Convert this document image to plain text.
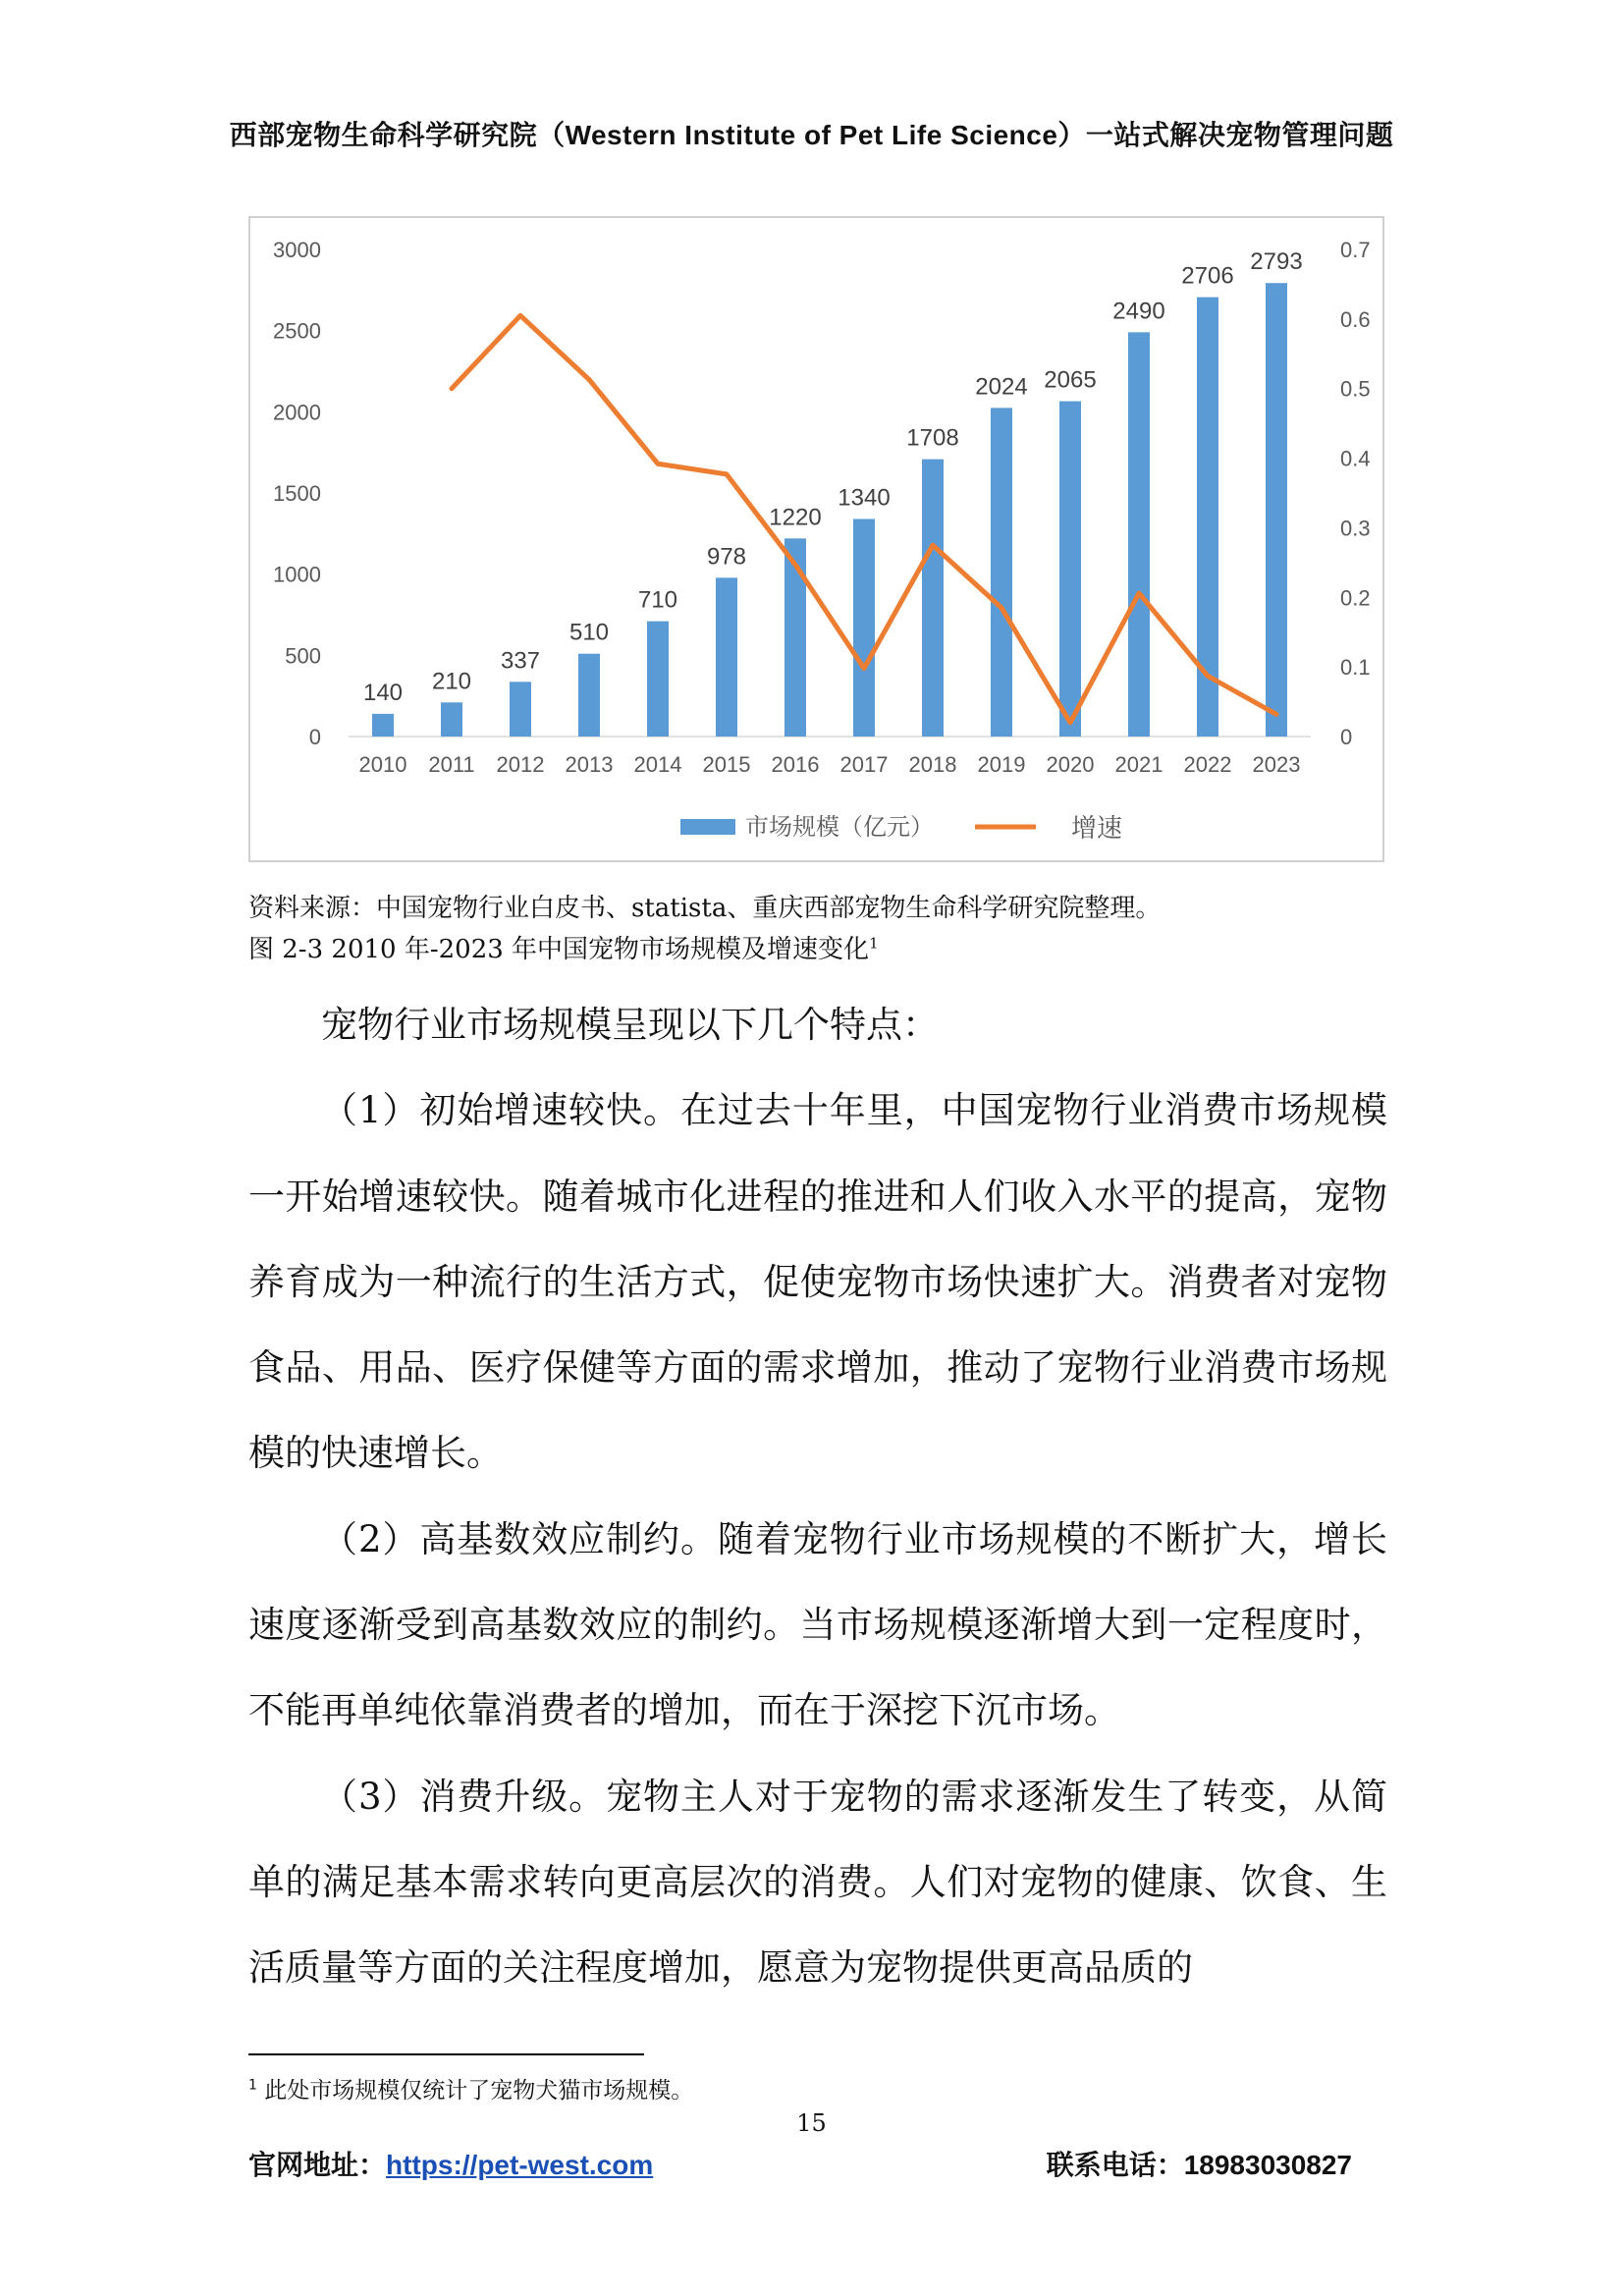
西部宠物生命科学研究院（Western Institute of Pet Life Science）一站式解决宠物管理问题
0
500
1000
1500
2000
2500
3000
0
0.1
0.2
0.3
0.4
0.5
0.6
0.7
140
2010
210
2011
337
2012
510
2013
710
2014
978
2015
1220
2016
1340
2017
1708
2018
2024
2019
2065
2020
2490
2021
2706
2022
2793
2023
市场规模（亿元）	增速
资料来源：中国宠物行业白皮书、statista、重庆西部宠物生命科学研究院整理。
图 2-3 2010 年-2023 年中国宠物市场规模及增速变化$^1$

宠物行业市场规模呈现以下几个特点：

（1）初始增速较快。在过去十年里，中国宠物行业消费市场规模一开始增速较快。随着城市化进程的推进和人们收入水平的提高，宠物养育成为一种流行的生活方式，促使宠物市场快速扩大。消费者对宠物食品、用品、医疗保健等方面的需求增加，推动了宠物行业消费市场规模的快速增长。

（2）高基数效应制约。随着宠物行业市场规模的不断扩大，增长速度逐渐受到高基数效应的制约。当市场规模逐渐增大到一定程度时，不能再单纯依靠消费者的增加，而在于深挖下沉市场。

（3）消费升级。宠物主人对于宠物的需求逐渐发生了转变，从简单的满足基本需求转向更高层次的消费。人们对宠物的健康、饮食、生活质量等方面的关注程度增加，愿意为宠物提供更高品质的

$^1$ 此处市场规模仅统计了宠物犬猫市场规模。
15
官网地址：https://pet-west.com	联系电话：18983030827
